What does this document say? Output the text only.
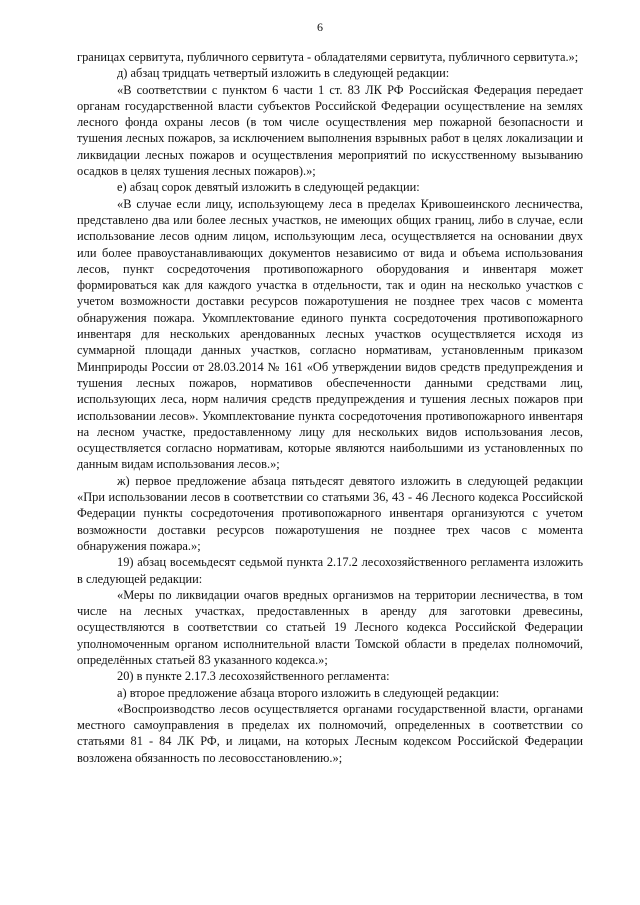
6

границах сервитута, публичного сервитута - обладателями сервитута, публичного сервитута.»;

д) абзац тридцать четвертый изложить в следующей редакции:

«В соответствии с пунктом 6 части 1 ст. 83 ЛК РФ Российская Федерация передает органам государственной власти субъектов Российской Федерации осуществление на землях лесного фонда охраны лесов (в том числе осуществления мер пожарной безопасности и тушения лесных пожаров, за исключением выполнения взрывных работ в целях локализации и ликвидации лесных пожаров и осуществления мероприятий по искусственному вызыванию осадков в целях тушения лесных пожаров).»;

е) абзац сорок девятый изложить в следующей редакции:

«В случае если лицу, использующему леса в пределах Кривошеинского лесничества, представлено два или более лесных участков, не имеющих общих границ, либо в случае, если использование лесов одним лицом, использующим леса, осуществляется на основании двух или более правоустанавливающих документов независимо от вида и объема использования лесов, пункт сосредоточения противопожарного оборудования и инвентаря может формироваться как для каждого участка в отдельности, так и один на несколько участков с учетом возможности доставки ресурсов пожаротушения не позднее трех часов с момента обнаружения пожара. Укомплектование единого пункта сосредоточения противопожарного инвентаря для нескольких арендованных лесных участков осуществляется исходя из суммарной площади данных участков, согласно нормативам, установленным приказом Минприроды России от 28.03.2014 № 161 «Об утверждении видов средств предупреждения и тушения лесных пожаров, нормативов обеспеченности данными средствами лиц, использующих леса, норм наличия средств предупреждения и тушения лесных пожаров при использовании лесов». Укомплектование пункта сосредоточения противопожарного инвентаря на лесном участке, предоставленному лицу для нескольких видов использования лесов, осуществляется согласно нормативам, которые являются наибольшими из установленных по данным видам использования лесов.»;

ж) первое предложение абзаца пятьдесят девятого изложить в следующей редакции «При использовании лесов в соответствии со статьями 36, 43 - 46 Лесного кодекса Российской Федерации пункты сосредоточения противопожарного инвентаря организуются с учетом возможности доставки ресурсов пожаротушения не позднее трех часов с момента обнаружения пожара.»;

19) абзац восемьдесят седьмой пункта 2.17.2 лесохозяйственного регламента изложить в следующей редакции:

«Меры по ликвидации очагов вредных организмов на территории лесничества, в том числе на лесных участках, предоставленных в аренду для заготовки древесины, осуществляются в соответствии со статьей 19 Лесного кодекса Российской Федерации уполномоченным органом исполнительной власти Томской области в пределах полномочий, определённых статьей 83 указанного кодекса.»;

20) в пункте 2.17.3 лесохозяйственного регламента:

а) второе предложение абзаца второго изложить в следующей редакции:

«Воспроизводство лесов осуществляется органами государственной власти, органами местного самоуправления в пределах их полномочий, определенных в соответствии со статьями 81 - 84 ЛК РФ, и лицами, на которых Лесным кодексом Российской Федерации возложена обязанность по лесовосстановлению.»;
